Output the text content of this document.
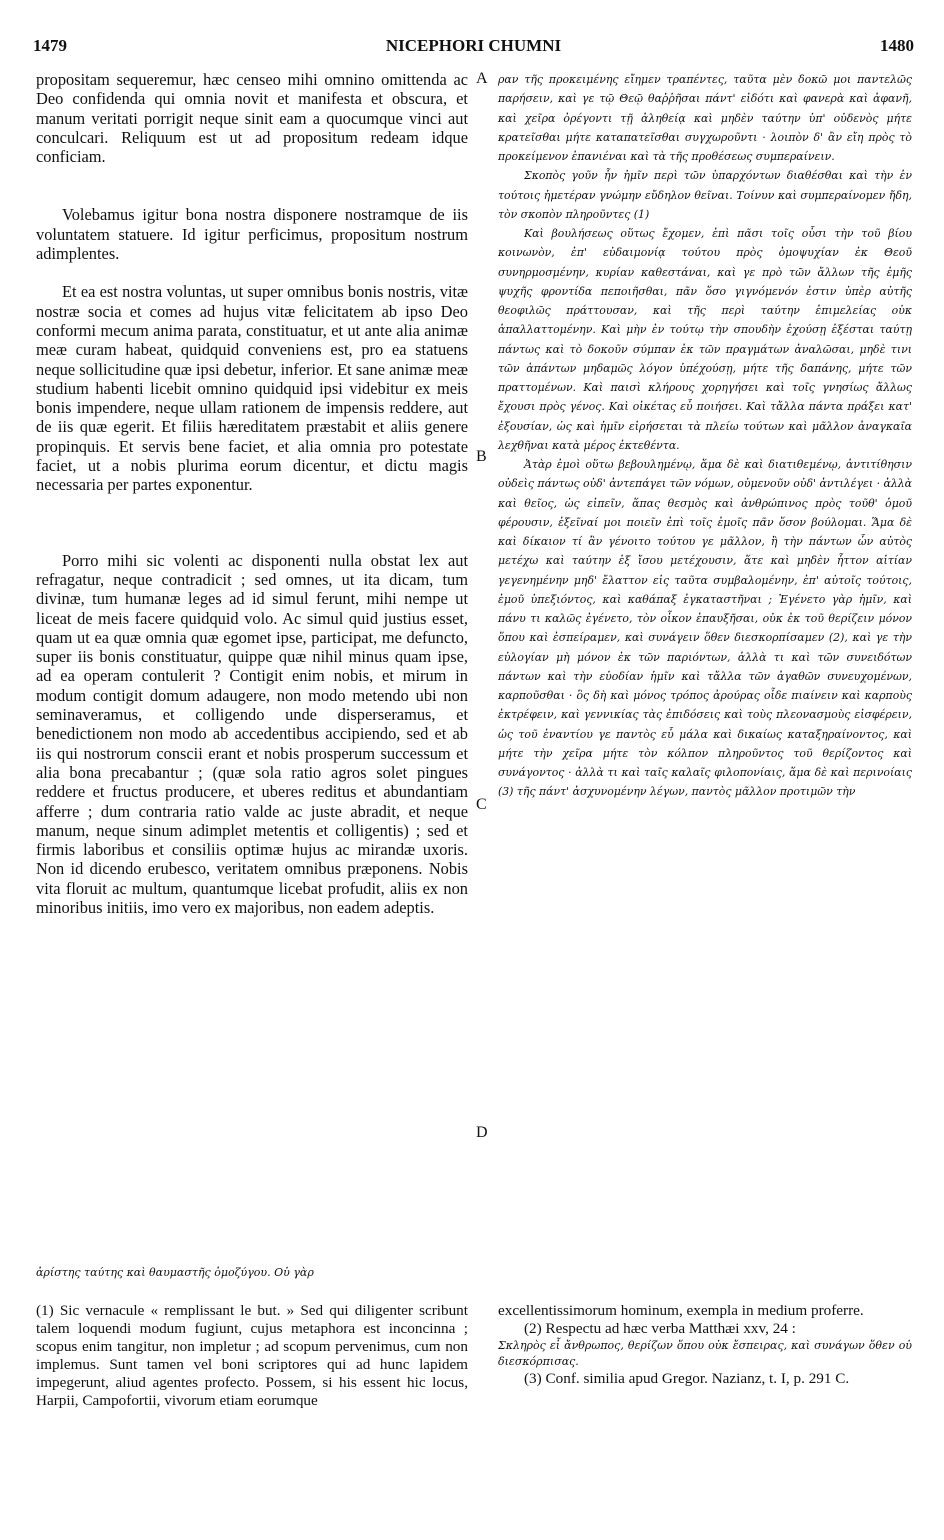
1479	NICEPHORI CHUMNI	1480

propositam sequeremur, hæc censeo mihi omnino omittenda ac Deo confidenda qui omnia novit et manifesta et obscura, et manum veritati porrigit neque sinit eam a quocumque vinci aut conculcari. Reliquum est ut ad propositum redeam idque conficiam.

Volebamus igitur bona nostra disponere nostramque de iis voluntatem statuere. Id igitur perficimus, propositum nostrum adimplentes.

Et ea est nostra voluntas, ut super omnibus bonis nostris, vitæ nostræ socia et comes ad hujus vitæ felicitatem ab ipso Deo conformi mecum anima parata, constituatur, et ut ante alia animæ meæ curam habeat, quidquid conveniens est, pro ea statuens neque sollicitudine quæ ipsi debetur, inferior. Et sane animæ meæ studium habenti licebit omnino quidquid ipsi videbitur ex meis bonis impendere, neque ullam rationem de impensis reddere, aut de iis quæ egerit. Et filiis hæreditatem præstabit et aliis genere propinquis. Et servis bene faciet, et alia omnia pro potestate faciet, ut a nobis plurima eorum dicentur, et dictu magis necessaria per partes exponentur.

Porro mihi sic volenti ac disponenti nulla obstat lex aut refragatur, neque contradicit ; sed omnes, ut ita dicam, tum divinæ, tum humanæ leges ad id simul ferunt, mihi nempe ut liceat de meis facere quidquid volo. Ac simul quid justius esset, quam ut ea quæ omnia quæ egomet ipse, participat, me defuncto, super iis bonis constituatur, quippe quæ nihil minus quam ipse, ad ea operam contulerit ? Contigit enim nobis, et mirum in modum contigit domum adaugere, non modo metendo ubi non seminaveramus, et colligendo unde disperseramus, et benedictionem non modo ab accedentibus accipiendo, sed et ab iis qui nostrorum conscii erant et nobis prosperum successum et alia bona precabantur ; (quæ sola ratio agros solet pingues reddere et fructus producere, et uberes reditus et abundantiam afferre ; dum contraria ratio valde ac juste abradit, et neque manum, neque sinum adimplet metentis et colligentis) ; sed et firmis laboribus et consiliis optimæ hujus ac mirandæ uxoris. Non id dicendo erubesco, veritatem omnibus præponens. Nobis vita floruit ac multum, quantumque licebat profudit, aliis ex non minoribus initiis, imo vero ex majoribus, non eadem adeptis.

ἀρίστης ταύτης καὶ θαυμαστῆς ὁμοζύγου. Οὐ γὰρ
A
B
C
D

ραν τῆς προκειμένης εἴημεν τραπέντες, ταῦτα μὲν δοκῶ μοι παντελῶς παρήσειν, καὶ γε τῷ Θεῷ θαῤῥῆσαι πάντ' εἰδότι καὶ φανερὰ καὶ ἀφανῆ, καὶ χεῖρα ὀρέγοντι τῇ ἀληθείᾳ καὶ μηδὲν ταύτην ὑπ' οὐδενὸς μήτε κρατεῖσθαι μήτε καταπατεῖσθαι συγχωροῦντι · λοιπὸν δ' ἂν εἴη πρὸς τὸ προκείμενον ἐπανιέναι καὶ τὰ τῆς προθέσεως συμπεραίνειν.

Σκοπὸς γοῦν ἦν ἡμῖν περὶ τῶν ὑπαρχόντων διαθέσθαι καὶ τὴν ἐν τούτοις ἡμετέραν γνώμην εὔδηλον θεῖναι. Τοίνυν καὶ συμπεραίνομεν ἤδη, τὸν σκοπὸν πληροῦντες (1)

Καὶ βουλήσεως οὕτως ἔχομεν, ἐπὶ πᾶσι τοῖς οὖσι τὴν τοῦ βίου κοινωνὸν, ἐπ' εὐδαιμονίᾳ τούτου πρὸς ὁμοψυχίαν ἐκ Θεοῦ συνηρμοσμένην, κυρίαν καθεστάναι, καὶ γε πρὸ τῶν ἄλλων τῆς ἐμῆς ψυχῆς φροντίδα πεποιῆσθαι, πᾶν ὅσο γιγνόμενόν ἐστιν ὑπὲρ αὐτῆς θεοφιλῶς πράττουσαν, καὶ τῆς περὶ ταύτην ἐπιμελείας οὐκ ἀπαλλαττομένην. Καὶ μὴν ἐν τούτῳ τὴν σπουδὴν ἐχούσῃ ἐξέσται ταύτῃ πάντως καὶ τὸ δοκοῦν σύμπαν ἐκ τῶν πραγμάτων ἀναλῶσαι, μηδὲ τινι τῶν ἁπάντων μηδαμῶς λόγον ὑπέχούσῃ, μήτε τῆς δαπάνης, μήτε τῶν πραττομένων. Καὶ παισὶ κλήρους χορηγήσει καὶ τοῖς γνησίως ἄλλως ἔχουσι πρὸς γένος. Καὶ οἰκέτας εὖ ποιήσει. Καὶ τἄλλα πάντα πράξει κατ' ἐξουσίαν, ὡς καὶ ἡμῖν εἰρήσεται τὰ πλείω τούτων καὶ μᾶλλον ἀναγκαῖα λεχθῆναι κατὰ μέρος ἐκτεθέντα.

Ἀτὰρ ἐμοὶ οὕτω βεβουλημένῳ, ἅμα δὲ καὶ διατιθεμένῳ, ἀντιτίθησιν οὐδεὶς πάντως οὐδ' ἀντεπάγει τῶν νόμων, οὐμενοῦν οὐδ' ἀντιλέγει · ἀλλὰ καὶ θεῖος, ὡς εἰπεῖν, ἅπας θεσμὸς καὶ ἀνθρώπινος πρὸς τοῦθ' ὁμοῦ φέρουσιν, ἐξεῖναί μοι ποιεῖν ἐπὶ τοῖς ἐμοῖς πᾶν ὅσον βούλομαι. Ἅμα δὲ καὶ δίκαιον τί ἂν γένοιτο τούτου γε μᾶλλον, ἢ τὴν πάντων ὧν αὐτὸς μετέχω καὶ ταύτην ἐξ ἴσου μετέχουσιν, ἅτε καὶ μηδὲν ἧττον αἰτίαν γεγενημένην μηδ' ἔλαττον εἰς ταῦτα συμβαλομένην, ἐπ' αὐτοῖς τούτοις, ἐμοῦ ὑπεξιόντος, καὶ καθάπαξ ἐγκαταστῆναι ; Ἐγένετο γὰρ ἡμῖν, καὶ πάνυ τι καλῶς ἐγένετο, τὸν οἶκον ἐπαυξῆσαι, οὐκ ἐκ τοῦ θερίζειν μόνον ὅπου καὶ ἐσπείραμεν, καὶ συνάγειν ὅθεν διεσκορπίσαμεν (2), καὶ γε τὴν εὐλογίαν μὴ μόνον ἐκ τῶν παριόντων, ἀλλὰ τι καὶ τῶν συνειδότων πάντων καὶ τὴν εὐοδίαν ἡμῖν καὶ τἄλλα τῶν ἀγαθῶν συνευχομένων, καρποῦσθαι · ὃς δὴ καὶ μόνος τρόπος ἀρούρας οἶδε πιαίνειν καὶ καρποὺς ἐκτρέφειν, καὶ γεννικίας τὰς ἐπιδόσεις καὶ τοὺς πλεονασμοὺς εἰσφέρειν, ὡς τοῦ ἐναντίου γε παντὸς εὖ μάλα καὶ δικαίως καταξηραίνοντος, καὶ μήτε τὴν χεῖρα μήτε τὸν κόλπον πληροῦντος τοῦ θερίζοντος καὶ συνάγοντος · ἀλλὰ τι καὶ ταῖς καλαῖς φιλοπονίαις, ἅμα δὲ καὶ περινοίαις (3) τῆς πάντ' ἀσχυνομένην λέγων, παντὸς μᾶλλον προτιμῶν τὴν

(1) Sic vernacule « remplissant le but. » Sed qui diligenter scribunt talem loquendi modum fugiunt, cujus metaphora est inconcinna ; scopus enim tangitur, non impletur ; ad scopum pervenimus, cum non implemus. Sunt tamen vel boni scriptores qui ad hunc lapidem impegerunt, aliud agentes profecto. Possem, si his essent hic locus, Harpii, Campofortii, vivorum etiam eorumque

excellentissimorum hominum, exempla in medium proferre.

(2) Respectu ad hæc verba Matthæi xxv, 24 :

Σκληρὸς εἶ ἄνθρωπος, θερίζων ὅπου οὐκ ἔσπειρας, καὶ συνάγων ὅθεν οὐ διεσκόρπισας.

(3) Conf. similia apud Gregor. Nazianz, t. I, p. 291 C.
